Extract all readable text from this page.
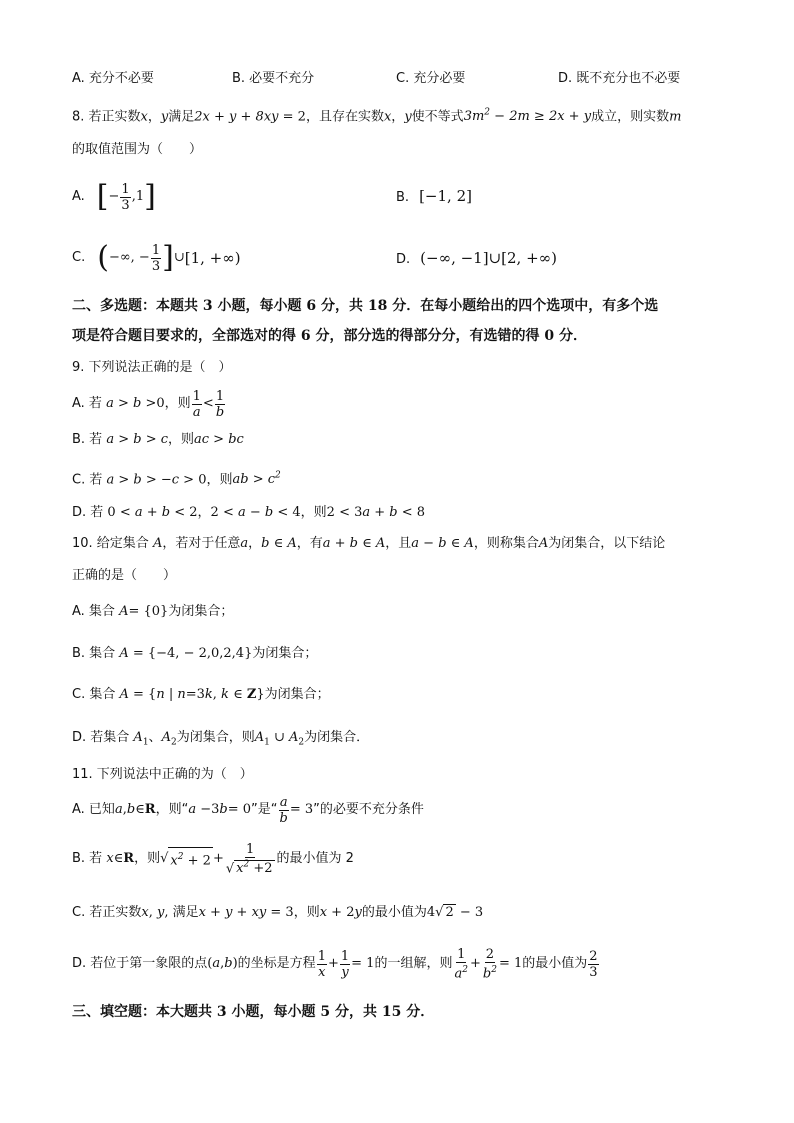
A. 充分不必要	B. 必要不充分	C. 充分必要	D. 既不充分也不必要
8. 若正实数x，y满足2x + y + 8xy = 2，且存在实数x，y使不等式$3m^2 - 2m \ge 2x + y$成立，则实数m
的取值范围为（　　）
A. [ − $\frac{1}{3} ,1$ ]	B. [−1, 2]
C. ( −∞, − $\frac{1}{3}$ ] ∪ [1, +∞)	D. (−∞, −1]∪[2, +∞)
二、多选题：本题共 3 小题，每小题 6 分，共 18 分．在每小题给出的四个选项中，有多个选
项是符合题目要求的，全部选对的得 6 分，部分选的得部分分，有选错的得 0 分．
9. 下列说法正确的是（　）
A. 若
a > b > 0 ，则 $\frac{1}{a} < \frac{1}{b}$
B. 若 a > b > c，则ac > bc
C. 若 a > b > −c > 0，则ab > $c^2$
D. 若 0 < a + b < 2，2 < a − b < 4，则2 < 3a + b < 8
10. 给定集合 A，若对于任意a，b ∈ A，有a + b ∈ A，且a − b ∈ A，则称集合A为闭集合，以下结论
正确的是（　　）
A. 集合 A= {0}为闭集合；
B. 集合 A = {−4, − 2,0,2,4}为闭集合；
C. 集合 A = {n | n=3k, k ∈ Z}为闭集合；
D. 若集合 $A_1$、$A_2$为闭集合，则$A_1$ ∪ $A_2$为闭集合．
11. 下列说法中正确的为（　）
A. 已知 a , b ∈ R ，则“ a − 3 b = 0 ”是“ $\frac{a}{b} = 3$ ”的必要不充分条件
B. 若
x ∈ R ，则 √ $x^2 + 2 + \frac{1}{√ x^2 +2}$ 的最小值为 2
C. 若正实数x, y, 满足x + y + xy = 3，则x + 2y的最小值为4√ 2 − 3
D. 若位于第一象限的点 ( a , b ) 的坐标是方程 $\frac{1}{x} + \frac{1}{y} = 1$ 的一组解，则 $\frac{1}{a^2} + \frac{2}{b^2} = 1$ 的最小值为 $\frac{2}{3}$
三、填空题：本大题共 3 小题，每小题 5 分，共 15 分．
